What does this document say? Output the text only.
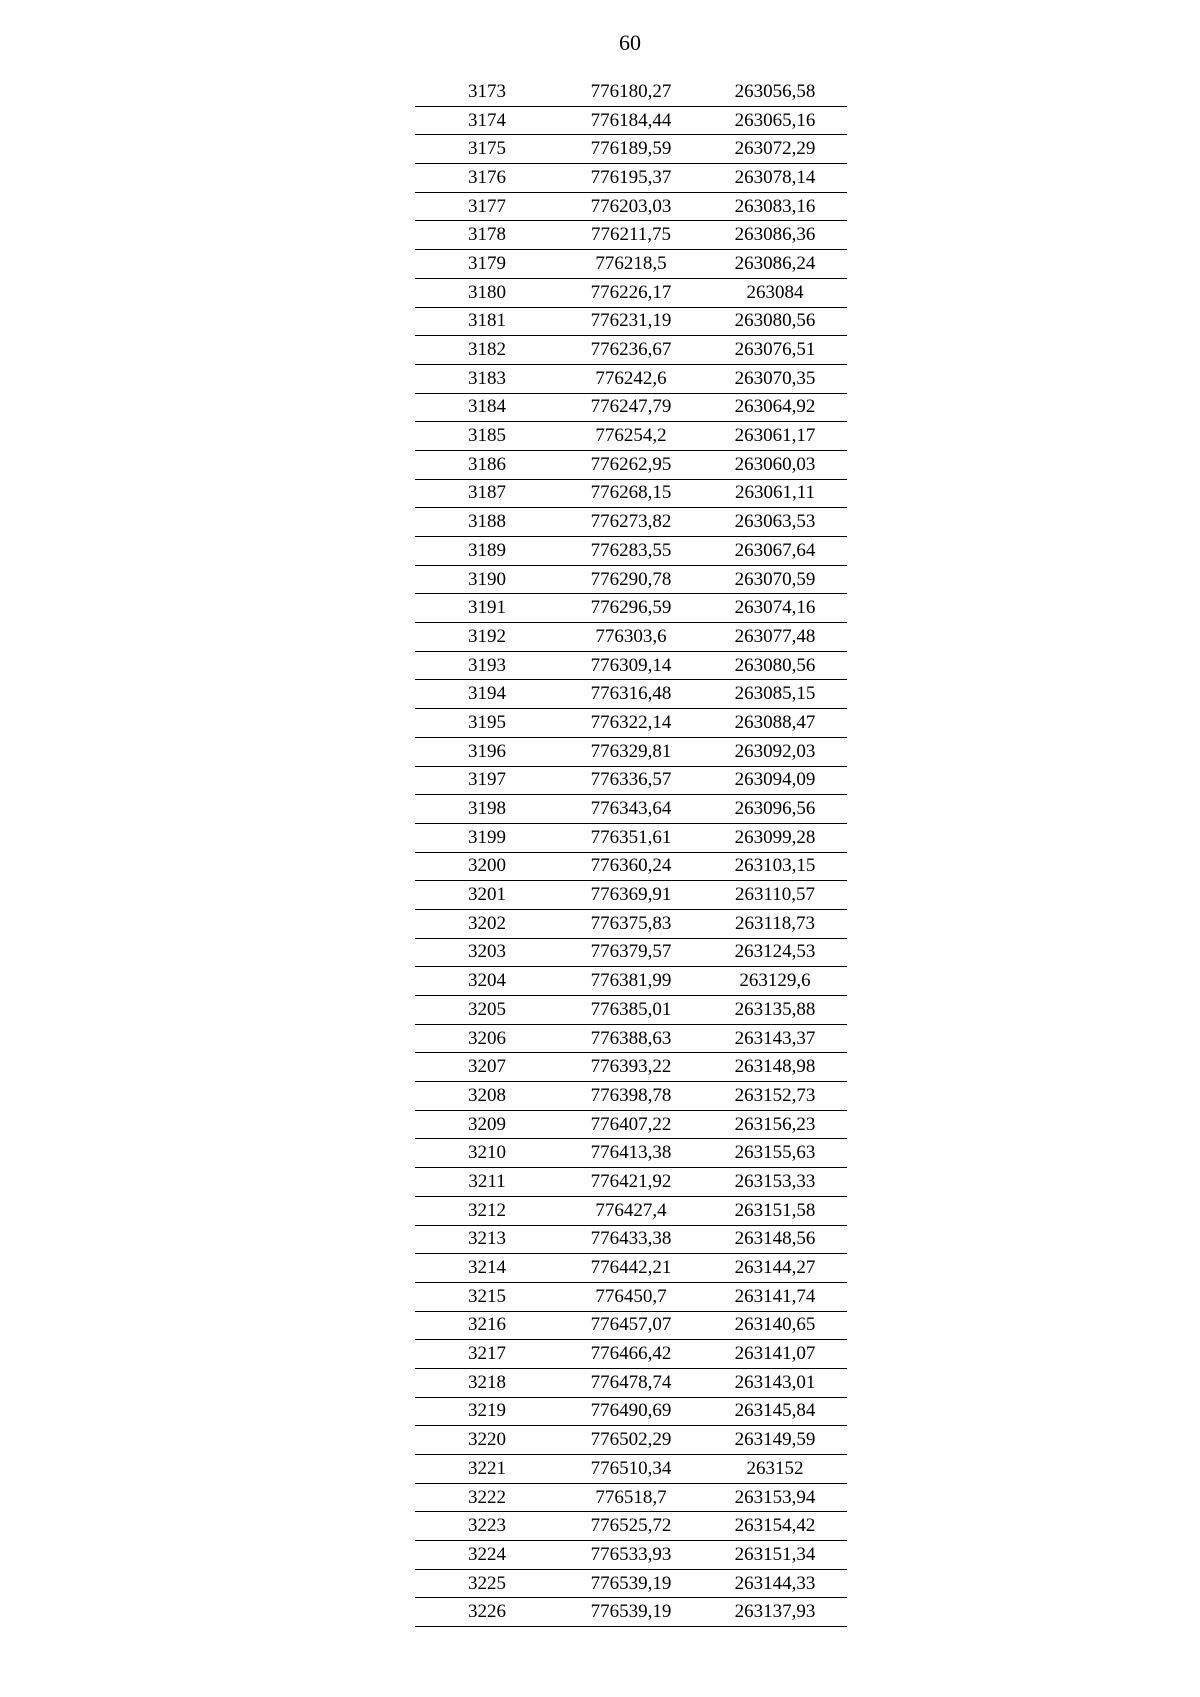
60
3173	776180,27	263056,58
3174	776184,44	263065,16
3175	776189,59	263072,29
3176	776195,37	263078,14
3177	776203,03	263083,16
3178	776211,75	263086,36
3179	776218,5	263086,24
3180	776226,17	263084
3181	776231,19	263080,56
3182	776236,67	263076,51
3183	776242,6	263070,35
3184	776247,79	263064,92
3185	776254,2	263061,17
3186	776262,95	263060,03
3187	776268,15	263061,11
3188	776273,82	263063,53
3189	776283,55	263067,64
3190	776290,78	263070,59
3191	776296,59	263074,16
3192	776303,6	263077,48
3193	776309,14	263080,56
3194	776316,48	263085,15
3195	776322,14	263088,47
3196	776329,81	263092,03
3197	776336,57	263094,09
3198	776343,64	263096,56
3199	776351,61	263099,28
3200	776360,24	263103,15
3201	776369,91	263110,57
3202	776375,83	263118,73
3203	776379,57	263124,53
3204	776381,99	263129,6
3205	776385,01	263135,88
3206	776388,63	263143,37
3207	776393,22	263148,98
3208	776398,78	263152,73
3209	776407,22	263156,23
3210	776413,38	263155,63
3211	776421,92	263153,33
3212	776427,4	263151,58
3213	776433,38	263148,56
3214	776442,21	263144,27
3215	776450,7	263141,74
3216	776457,07	263140,65
3217	776466,42	263141,07
3218	776478,74	263143,01
3219	776490,69	263145,84
3220	776502,29	263149,59
3221	776510,34	263152
3222	776518,7	263153,94
3223	776525,72	263154,42
3224	776533,93	263151,34
3225	776539,19	263144,33
3226	776539,19	263137,93
